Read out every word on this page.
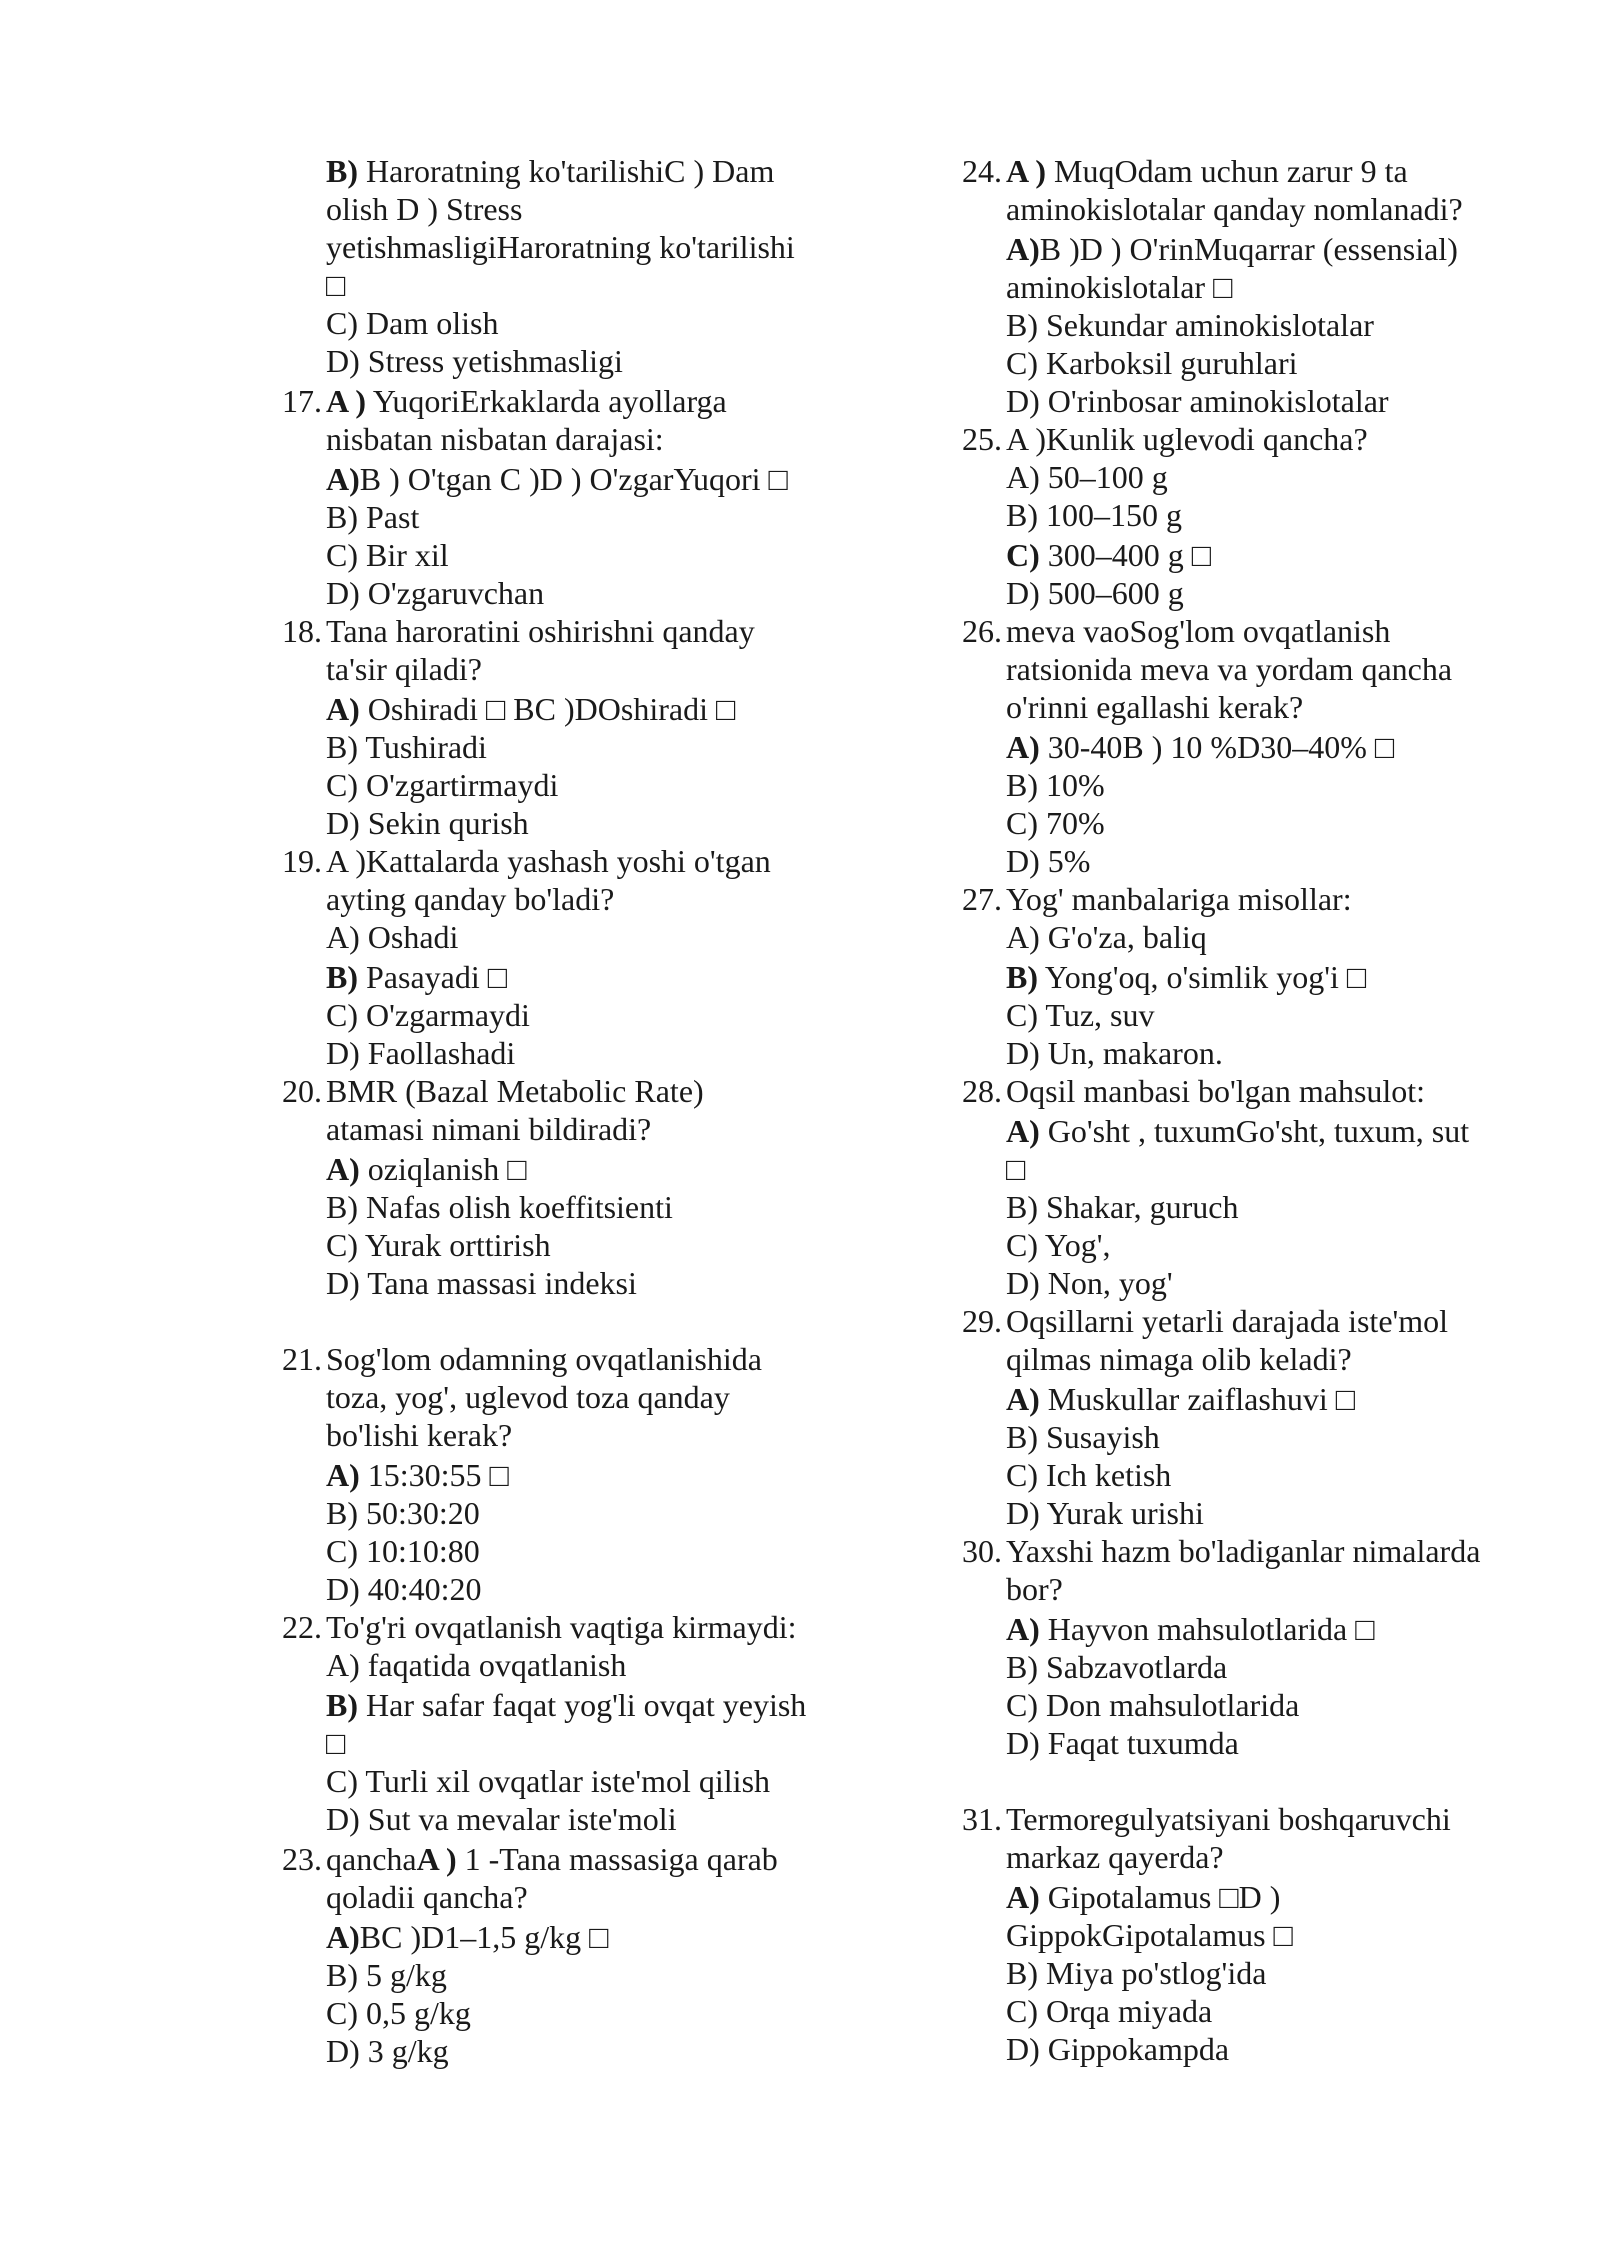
B) Haroratning ko'tarilishiC ) Dam
olish D ) Stress
yetishmasligiHaroratning ko'tarilishi
□
C) Dam olish
D) Stress yetishmasligi
17. A ) YuqoriErkaklarda ayollarga
nisbatan nisbatan darajasi:
A)B ) O'tgan C )D ) O'zgarYuqori □
B) Past
C) Bir xil
D) O'zgaruvchan
18. Tana haroratini oshirishni qanday
ta'sir qiladi?
A) Oshiradi □ BC )DOshiradi □
B) Tushiradi
C) O'zgartirmaydi
D) Sekin qurish
19. A )Kattalarda yashash yoshi o'tgan
ayting qanday bo'ladi?
A) Oshadi
B) Pasayadi □
C) O'zgarmaydi
D) Faollashadi
20. BMR (Bazal Metabolic Rate)
atamasi nimani bildiradi?
A) oziqlanish □
B) Nafas olish koeffitsienti
C) Yurak orttirish
D) Tana massasi indeksi
21. Sog'lom odamning ovqatlanishida
toza, yog', uglevod toza qanday
bo'lishi kerak?
A) 15:30:55 □
B) 50:30:20
C) 10:10:80
D) 40:40:20
22. To'g'ri ovqatlanish vaqtiga kirmaydi:
A) faqatida ovqatlanish
B) Har safar faqat yog'li ovqat yeyish
□
C) Turli xil ovqatlar iste'mol qilish
D) Sut va mevalar iste'moli
23. qanchaA ) 1 -Tana massasiga qarab
qoladii qancha?
A)BC )D1–1,5 g/kg □
B) 5 g/kg
C) 0,5 g/kg
D) 3 g/kg
24. A ) MuqOdam uchun zarur 9 ta
aminokislotalar qanday nomlanadi?
A)B )D ) O'rinMuqarrar (essensial)
aminokislotalar □
B) Sekundar aminokislotalar
C) Karboksil guruhlari
D) O'rinbosar aminokislotalar
25. A )Kunlik uglevodi qancha?
A) 50–100 g
B) 100–150 g
C) 300–400 g □
D) 500–600 g
26. meva vaoSog'lom ovqatlanish
ratsionida meva va yordam qancha
o'rinni egallashi kerak?
A) 30-40B ) 10 %D30–40% □
B) 10%
C) 70%
D) 5%
27. Yog' manbalariga misollar:
A) G'o'za, baliq
B) Yong'oq, o'simlik yog'i □
C) Tuz, suv
D) Un, makaron.
28. Oqsil manbasi bo'lgan mahsulot:
A) Go'sht , tuxumGo'sht, tuxum, sut
□
B) Shakar, guruch
C) Yog',
D) Non, yog'
29. Oqsillarni yetarli darajada iste'mol
qilmas nimaga olib keladi?
A) Muskullar zaiflashuvi □
B) Susayish
C) Ich ketish
D) Yurak urishi
30. Yaxshi hazm bo'ladiganlar nimalarda
bor?
A) Hayvon mahsulotlarida □
B) Sabzavotlarda
C) Don mahsulotlarida
D) Faqat tuxumda
31. Termoregulyatsiyani boshqaruvchi
markaz qayerda?
A) Gipotalamus □D )
GippokGipotalamus □
B) Miya po'stlog'ida
C) Orqa miyada
D) Gippokampda
